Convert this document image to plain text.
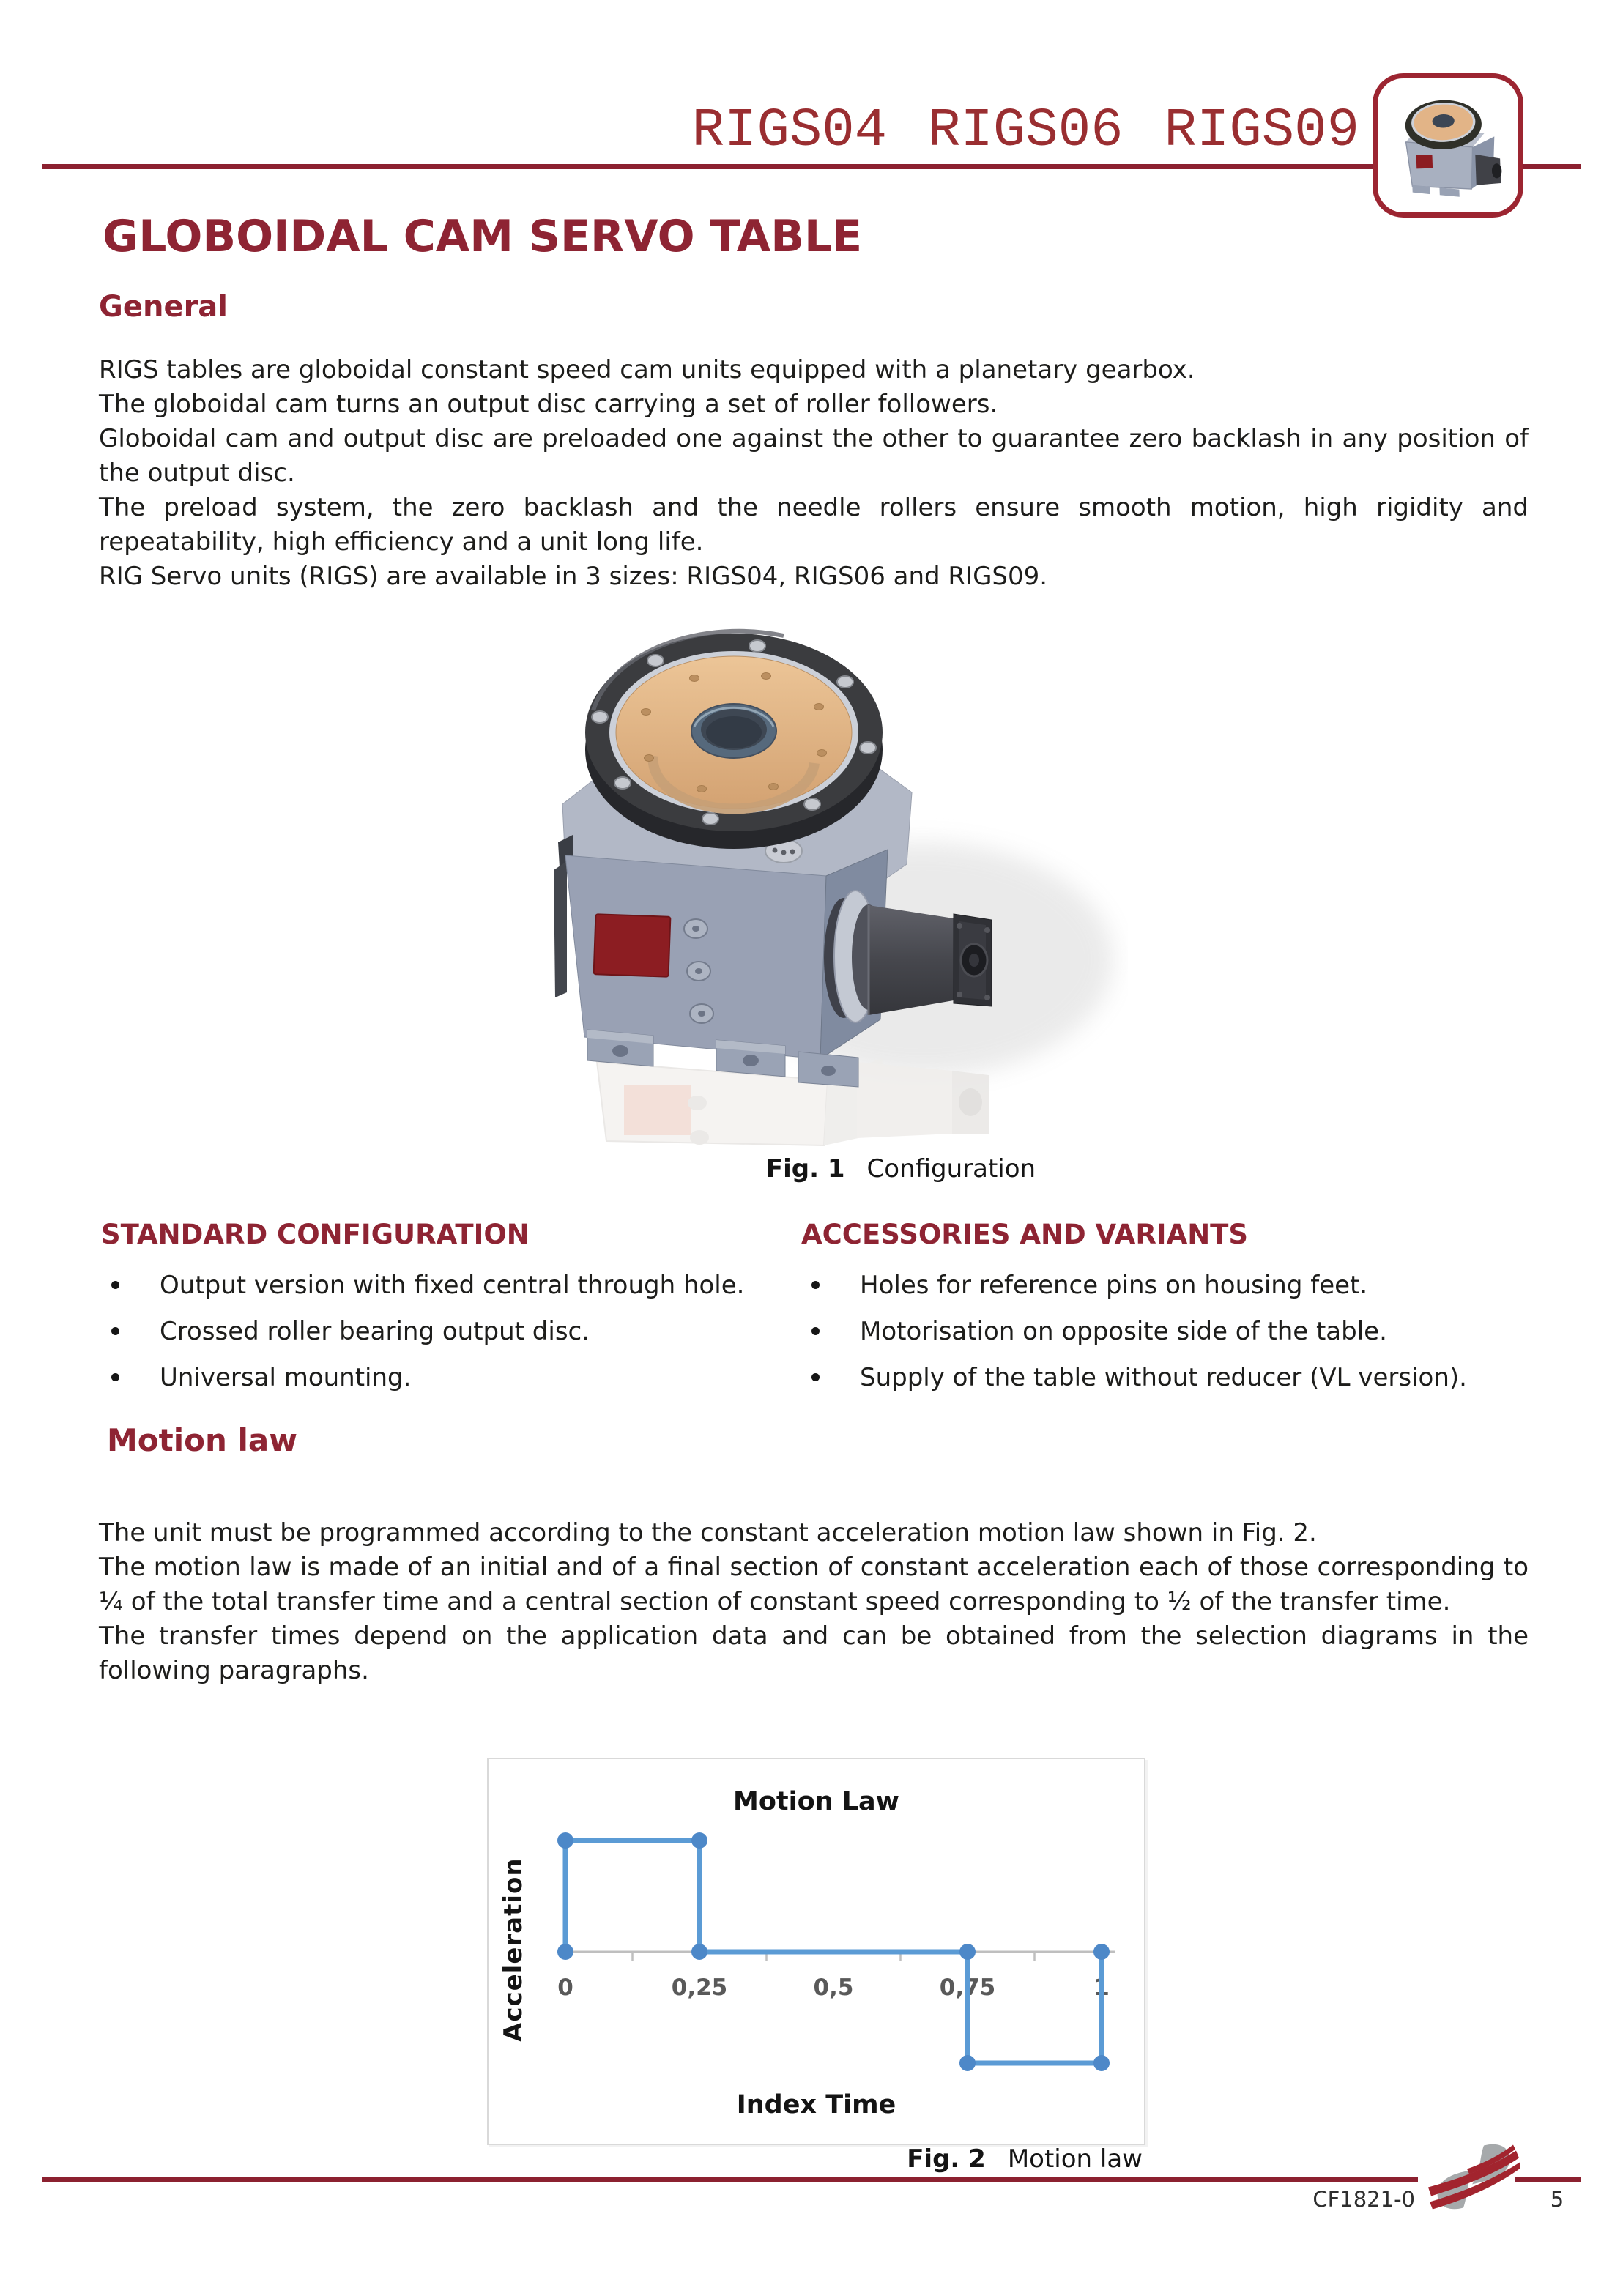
RIGS04 RIGS06 RIGS09
GLOBOIDAL CAM SERVO TABLE
General

RIGS tables are globoidal constant speed cam units equipped with a planetary gearbox.

The globoidal cam turns an output disc carrying a set of roller followers.

Globoidal cam and output disc are preloaded one against the other to guarantee zero backlash in any position of the output disc.

The preload system, the zero backlash and the needle rollers ensure smooth motion, high rigidity and repeatability, high efficiency and a unit long life.

RIG Servo units (RIGS) are available in 3 sizes: RIGS04, RIGS06 and RIGS09.

Fig. 1 Configuration
STANDARD CONFIGURATION	ACCESSORIES AND VARIANTS
Output version with fixed central through hole.
Crossed roller bearing output disc.
Universal mounting.
Holes for reference pins on housing feet.
Motorisation on opposite side of the table.
Supply of the table without reducer (VL version).
Motion law

The unit must be programmed according to the constant acceleration motion law shown in Fig. 2.

The motion law is made of an initial and of a final section of constant acceleration each of those corresponding to ¼ of the total transfer time and a central section of constant speed corresponding to ½ of the transfer time.

The transfer times depend on the application data and can be obtained from the selection diagrams in the following paragraphs.

Motion Law
Acceleration
Index Time
0	0,25	0,5	0,75	1
Fig. 2 Motion law
CF1821-0	5
